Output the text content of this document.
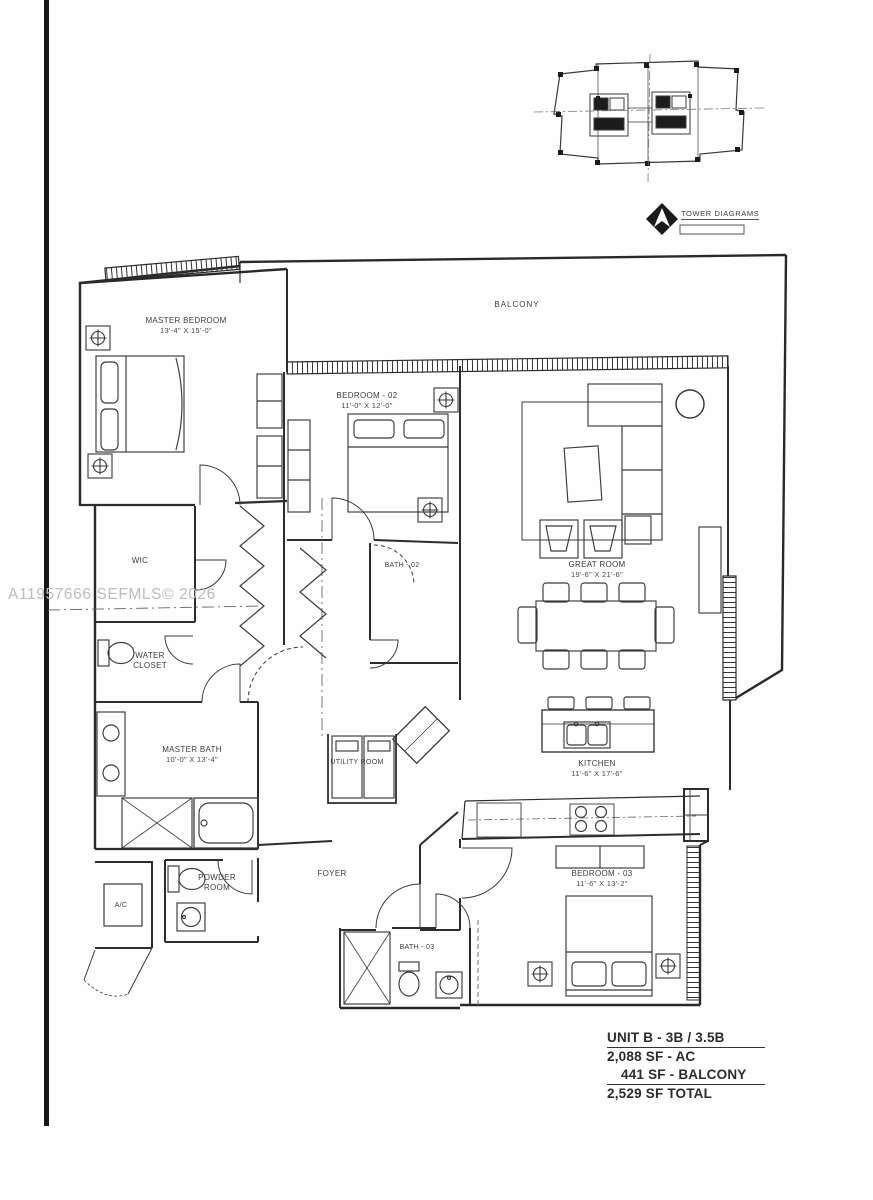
MASTER BEDROOM
13'-4" X 15'-0"
BALCONY
BEDROOM - 02
11'-0" X 12'-0"
GREAT ROOM
19'-6" X 21'-6"
WIC
BATH - 02
WATER
CLOSET
MASTER BATH
10'-0" X 13'-4"	UTILITY ROOM	KITCHEN
11'-6" X 17'-6"
FOYER
POWDER
ROOM
A/C
BATH - 03
BEDROOM - 03
11'-6" X 13'-2"
TOWER DIAGRAMS
A11957666 SEFMLS© 2026
UNIT B - 3B / 3.5B
2,088 SF - AC
441 SF - BALCONY
2,529 SF TOTAL
